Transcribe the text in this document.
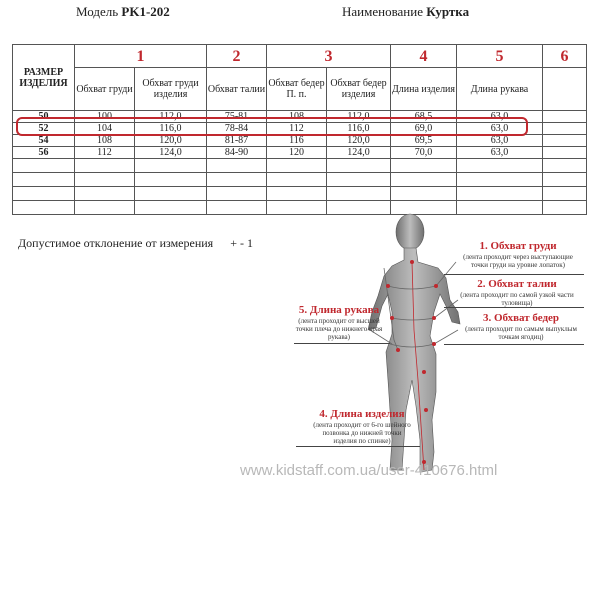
Модель PK1-202	Наименование Куртка
РАЗМЕР ИЗДЕЛИЯ	1		2	3		4	5	6
	Обхват груди	Обхват груди изделия	Обхват талии	Обхват бедер П. п.	Обхват бедер изделия	Длина изделия	Длина рукава	
50	100	112,0	75-81	108	112,0	68,5	63,0	
52	104	116,0	78-84	112	116,0	69,0	63,0	
54	108	120,0	81-87	116	120,0	69,5	63,0	
56	112	124,0	84-90	120	124,0	70,0	63,0	

Допустимое отклонение от измерения + - 1	1. Обхват груди
(лента проходит через выступающие точки груди на уровне лопаток)
2. Обхват талии
(лента проходит по самой узкой части туловища)
3. Обхват бедер
(лента проходит по самым выпуклым точкам ягодиц)
5. Длина рукава
(лента проходит от высшей точки плеча до нижнего края рукава)
4. Длина изделия
(лента проходит от 6-го шейного позвонка до нижней точки изделия по спинке)
www.kidstaff.com.ua/user-410676.html
